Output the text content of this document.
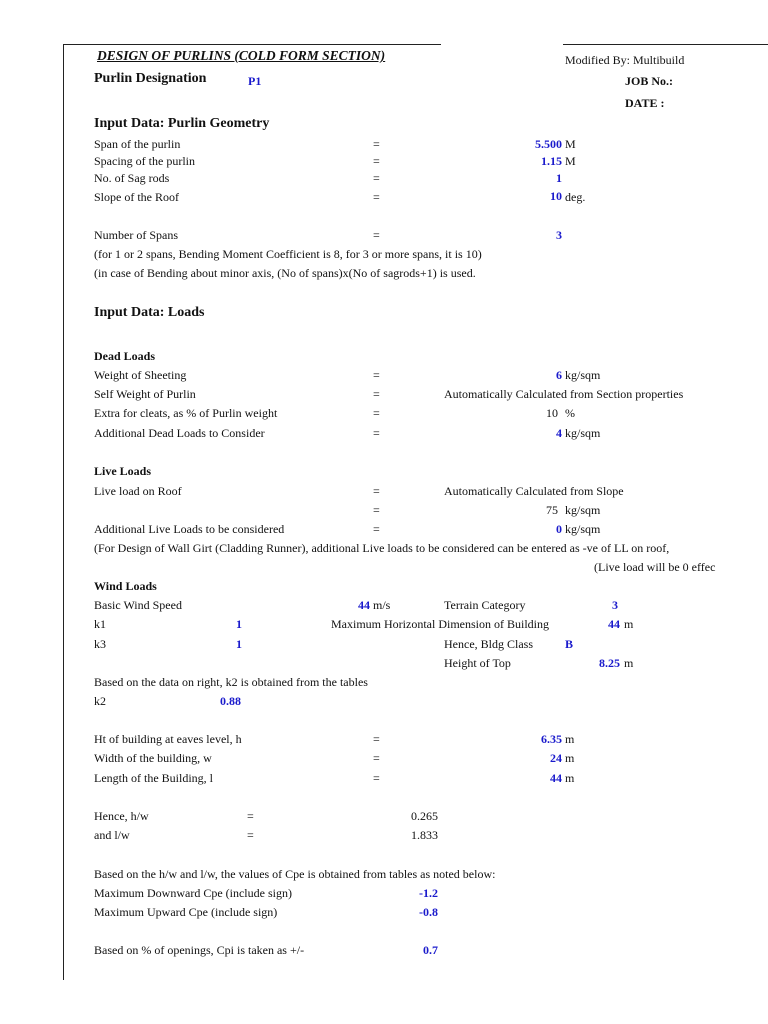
DESIGN OF PURLINS (COLD FORM SECTION)	Modified By: Multibuild
Purlin Designation	P1	JOB No.:
DATE :
Input Data: Purlin Geometry
Span of the purlin	=	5.500 M
Spacing of the purlin	=	1.15 M
No. of Sag rods	=	1
Slope of the Roof	=	10 deg.
Number of Spans	=	3
(for 1 or 2 spans, Bending Moment Coefficient is 8, for 3 or more spans, it is 10)
(in case of Bending about minor axis, (No of spans)x(No of sagrods+1) is used.
Input Data: Loads
Dead Loads
Weight of Sheeting	=	6 kg/sqm
Self Weight of Purlin	=	Automatically Calculated from Section properties
Extra for cleats, as % of Purlin weight	=	10 %
Additional Dead Loads to Consider	=	4 kg/sqm
Live Loads
Live load on Roof	=	Automatically Calculated from Slope
=	75 kg/sqm
Additional Live Loads to be considered	=	0 kg/sqm
(For Design of Wall Girt (Cladding Runner), additional Live loads to be considered can be entered as -ve of LL on roof,
(Live load will be 0 effec
Wind Loads
Basic Wind Speed	44 m/s	Terrain Category	3
k1	1	Maximum Horizontal Dimension of Building	44 m
k3	1	Hence, Bldg Class	B
Height of Top	8.25 m
Based on the data on right, k2 is obtained from the tables
k2	0.88
Ht of building at eaves level, h	=	6.35 m
Width of the building, w	=	24 m
Length of the Building, l	=	44 m
Hence, h/w	=	0.265
and l/w	=	1.833
Based on the h/w and l/w, the values of Cpe is obtained from tables as noted below:
Maximum Downward Cpe (include sign)	-1.2
Maximum Upward Cpe (include sign)	-0.8
Based on % of openings, Cpi is taken as +/-	0.7
